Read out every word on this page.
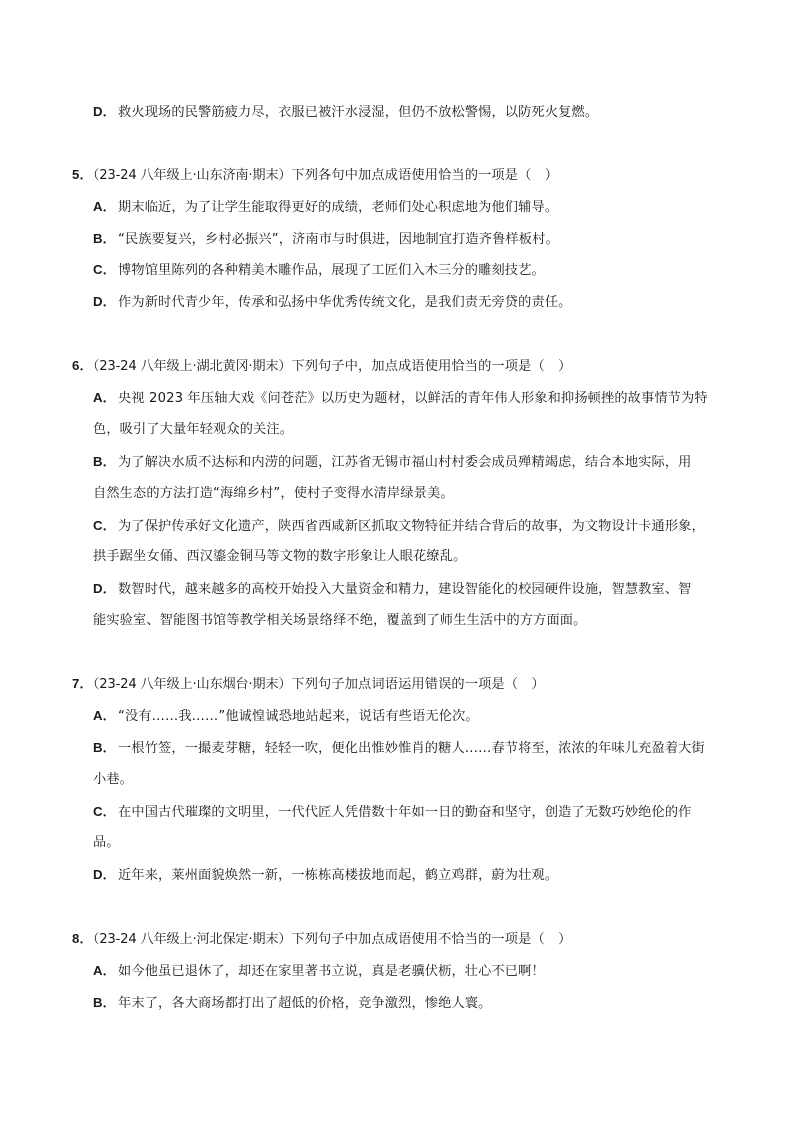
D． 救火现场的民警筋疲力尽，衣服已被汗水浸湿，但仍不放松警惕，以防死火复燃。
5．（23-24 八年级上·山东济南·期末）下列各句中加点成语使用恰当的一项是（　）
A． 期末临近，为了让学生能取得更好的成绩，老师们处心积虑地为他们辅导。
B． “民族要复兴，乡村必振兴”，济南市与时俱进，因地制宜打造齐鲁样板村。
C． 博物馆里陈列的各种精美木雕作品，展现了工匠们入木三分的雕刻技艺。
D． 作为新时代青少年，传承和弘扬中华优秀传统文化，是我们责无旁贷的责任。
6．（23-24 八年级上·湖北黄冈·期末）下列句子中，加点成语使用恰当的一项是（　）
A． 央视 2023 年压轴大戏《问苍茫》以历史为题材，以鲜活的青年伟人形象和抑扬顿挫的故事情节为特
色，吸引了大量年轻观众的关注。
B． 为了解决水质不达标和内涝的问题，江苏省无锡市福山村村委会成员殚精竭虑，结合本地实际，用
自然生态的方法打造“海绵乡村”，使村子变得水清岸绿景美。
C． 为了保护传承好文化遗产，陕西省西咸新区抓取文物特征并结合背后的故事，为文物设计卡通形象，
拱手踞坐女俑、西汉鎏金铜马等文物的数字形象让人眼花缭乱。
D． 数智时代，越来越多的高校开始投入大量资金和精力，建设智能化的校园硬件设施，智慧教室、智
能实验室、智能图书馆等教学相关场景络绎不绝，覆盖到了师生生活中的方方面面。
7．（23-24 八年级上·山东烟台·期末）下列句子加点词语运用错误的一项是（　）
A． “没有……我……”他诚惶诚恐地站起来，说话有些语无伦次。
B． 一根竹签，一撮麦芽糖，轻轻一吹，便化出惟妙惟肖的糖人……春节将至，浓浓的年味儿充盈着大街
小巷。
C． 在中国古代璀璨的文明里，一代代匠人凭借数十年如一日的勤奋和坚守，创造了无数巧妙绝伦的作
品。
D． 近年来，莱州面貌焕然一新，一栋栋高楼拔地而起，鹤立鸡群，蔚为壮观。
8．（23-24 八年级上·河北保定·期末）下列句子中加点成语使用不恰当的一项是（　）
A． 如今他虽已退休了，却还在家里著书立说，真是老骥伏枥，壮心不已啊！
B． 年末了，各大商场都打出了超低的价格，竞争激烈，惨绝人寰。
